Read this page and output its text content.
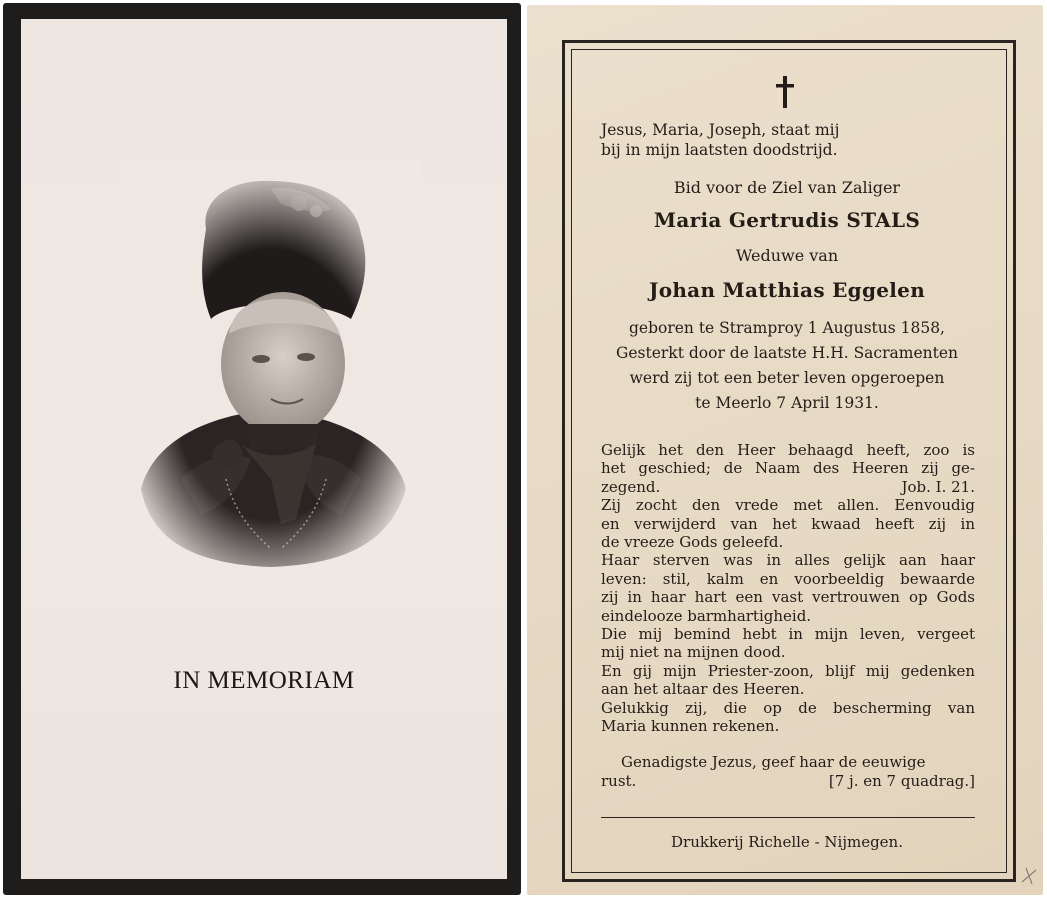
IN MEMORIAM
Jesus, Maria, Joseph, staat mij
bij in mijn laatsten doodstrijd.
Bid voor de Ziel van Zaliger
Maria Gertrudis STALS
Weduwe van
Johan Matthias Eggelen
geboren te Stramproy 1 Augustus 1858,
Gesterkt door de laatste H.H. Sacramenten
werd zij tot een beter leven opgeroepen
te Meerlo 7 April 1931.
Gelijk het den Heer behaagd heeft, zoo is
het geschied; de Naam des Heeren zij ge-
zegend.	Job. I. 21.
Zij zocht den vrede met allen. Eenvoudig
en verwijderd van het kwaad heeft zij in
de vreeze Gods geleefd.
Haar sterven was in alles gelijk aan haar
leven: stil, kalm en voorbeeldig bewaarde
zij in haar hart een vast vertrouwen op Gods
eindelooze barmhartigheid.
Die mij bemind hebt in mijn leven, vergeet
mij niet na mijnen dood.
En gij mijn Priester-zoon, blijf mij gedenken
aan het altaar des Heeren.
Gelukkig zij, die op de bescherming van
Maria kunnen rekenen.
Genadigste Jezus, geef haar de eeuwige
rust.	[7 j. en 7 quadrag.]
Drukkerij Richelle - Nijmegen.
